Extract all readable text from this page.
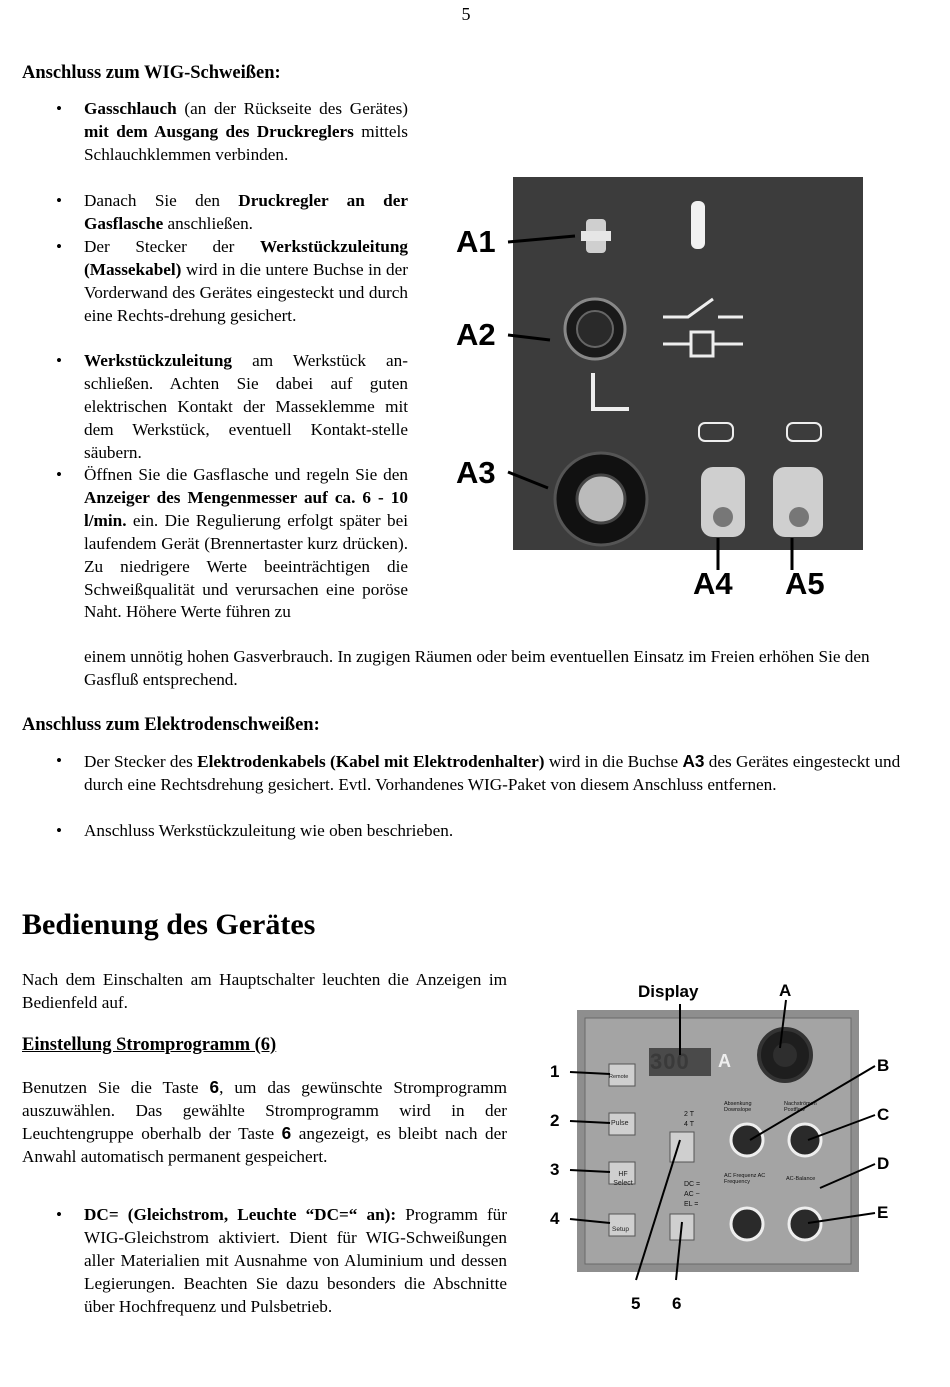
5
Anschluss zum WIG-Schweißen:
• Gasschlauch (an der Rückseite des Gerätes) mit dem Ausgang des Druckreglers mittels Schlauchklemmen verbinden.
• Danach Sie den Druckregler an der Gasflasche anschließen.
• Der Stecker der Werkstückzuleitung (Massekabel) wird in die untere Buchse in der Vorderwand des Gerätes eingesteckt und durch eine Rechts-drehung gesichert.
• Werkstückzuleitung am Werkstück an-schließen. Achten Sie dabei auf guten elektrischen Kontakt der Masseklemme mit dem Werkstück, eventuell Kontakt-stelle säubern.
• Öffnen Sie die Gasflasche und regeln Sie den Anzeiger des Mengenmesser auf ca. 6 - 10 l/min. ein. Die Regulierung erfolgt später bei laufendem Gerät (Brennertaster kurz drücken). Zu niedrigere Werte beeinträchtigen die Schweißqualität und verursachen eine poröse Naht. Höhere Werte führen zu
einem unnötig hohen Gasverbrauch. In zugigen Räumen oder beim eventuellen Einsatz im Freien erhöhen Sie den Gasfluß entsprechend.
A1
A2
A3
A4 A5
Anschluss zum Elektrodenschweißen:
• Der Stecker des Elektrodenkabels (Kabel mit Elektrodenhalter) wird in die Buchse A3 des Gerätes eingesteckt und durch eine Rechtsdrehung gesichert. Evtl. Vorhandenes WIG-Paket von diesem Anschluss entfernen.
• Anschluss Werkstückzuleitung wie oben beschrieben.
Bedienung des Gerätes
Nach dem Einschalten am Hauptschalter leuchten die Anzeigen im Bedienfeld auf.
Einstellung Stromprogramm (6)
Benutzen Sie die Taste 6, um das gewünschte Stromprogramm auszuwählen. Das gewählte Stromprogramm wird in der Leuchtengruppe oberhalb der Taste 6 angezeigt, es bleibt nach der Anwahl automatisch permanent gespeichert.
• DC= (Gleichstrom, Leuchte “DC=“ an): Programm für WIG-Gleichstrom aktiviert. Dient für WIG-Schweißungen aller Materialien mit Ausnahme von Aluminium und dessen Legierungen. Beachten Sie dazu besonders die Abschnitte über Hochfrequenz und Pulsbetrieb.
300 A
Remote
Pulse
HF Select
Setup
2 T
4 T
DC =
AC ~
EL =
Absenkung Downslope
Nachströmen Postflow
AC Frequenz AC Frequency	AC-Balance
Display
1
2
3
4
A
B
C
D
E
5 6
